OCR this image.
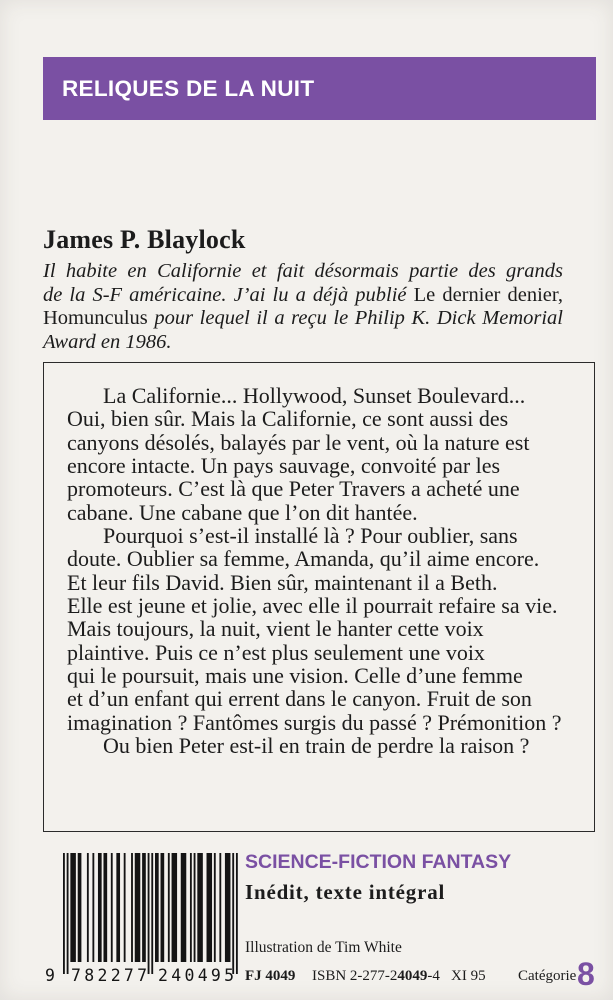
RELIQUES DE LA NUIT
James P. Blaylock
Il habite en Californie et fait désormais partie des grands
de la S-F américaine. J’ai lu a déjà publié Le dernier denier,
Homunculus pour lequel il a reçu le Philip K. Dick Memorial
Award en 1986.
La Californie... Hollywood, Sunset Boulevard...
Oui, bien sûr. Mais la Californie, ce sont aussi des
canyons désolés, balayés par le vent, où la nature est
encore intacte. Un pays sauvage, convoité par les
promoteurs. C’est là que Peter Travers a acheté une
cabane. Une cabane que l’on dit hantée.
Pourquoi s’est-il installé là ? Pour oublier, sans
doute. Oublier sa femme, Amanda, qu’il aime encore.
Et leur fils David. Bien sûr, maintenant il a Beth.
Elle est jeune et jolie, avec elle il pourrait refaire sa vie.
Mais toujours, la nuit, vient le hanter cette voix
plaintive. Puis ce n’est plus seulement une voix
qui le poursuit, mais une vision. Celle d’une femme
et d’un enfant qui errent dans le canyon. Fruit de son
imagination ? Fantômes surgis du passé ? Prémonition ?
Ou bien Peter est-il en train de perdre la raison ?
9 782277 240495
SCIENCE-FICTION FANTASY
Inédit, texte intégral
Illustration de Tim White
FJ 4049 ISBN 2-277-24049-4 XI 95 Catégorie 8
